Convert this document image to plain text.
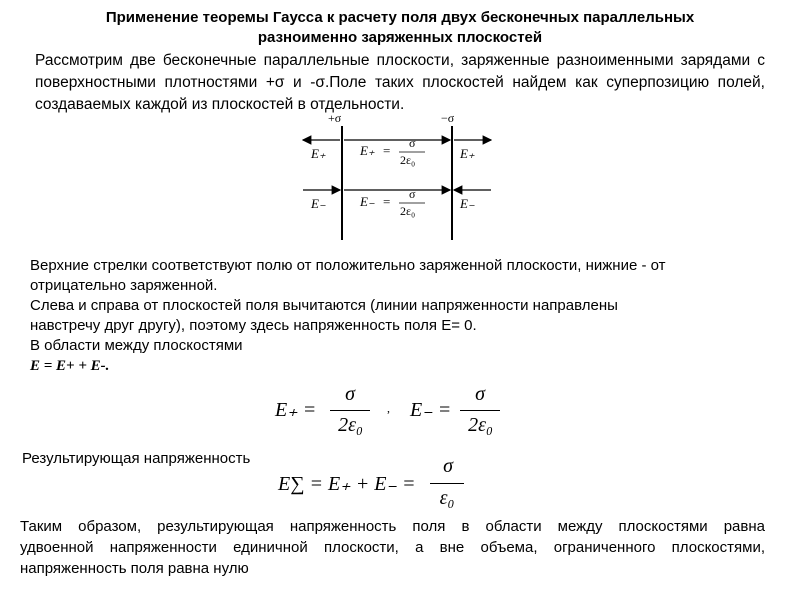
Применение теоремы Гаусса к расчету поля двух бесконечных параллельных
разноименно заряженных плоскостей
Рассмотрим две бесконечные параллельные плоскости, заряженные разноименными зарядами с
поверхностными плотностями +σ и -σ.Поле таких плоскостей найдем как суперпозицию полей,
создаваемых каждой из плоскостей в отдельности.
+σ	−σ
E₊	E₊ = σ
2ε₀	E₊
E₋	E₋ = σ
2ε₀	E₋
Верхние стрелки соответствуют полю от положительно заряженной плоскости, нижние - от
отрицательно заряженной.
Слева и справа от плоскостей поля вычитаются (линии напряженности направлены
навстречу друг другу), поэтому здесь напряженность поля E= 0.
В области между плоскостями
E = E+ + E-.
E₊ =
σ
2ε₀
, E₋ =
σ
2ε₀
Результирующая напряженность
E∑ = E₊ + E₋ =
σ
ε₀
Таким образом, результирующая напряженность поля в области между плоскостями равна
удвоенной напряженности единичной плоскости, а вне объема, ограниченного плоскостями,
напряженность поля равна нулю
